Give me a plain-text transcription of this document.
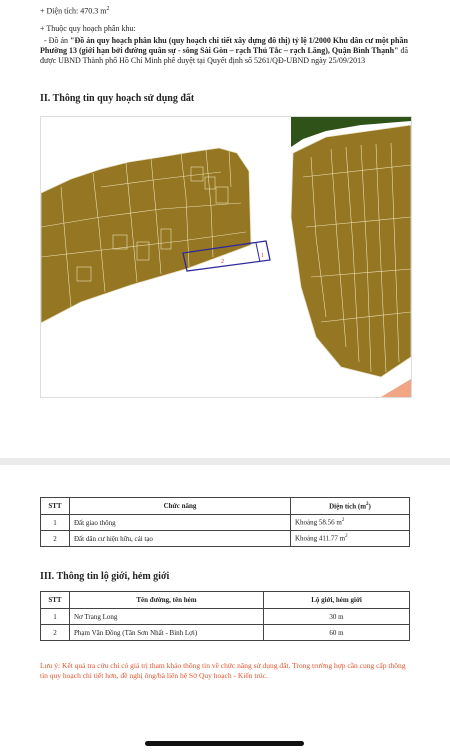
+ Diện tích: 470.3 $m^2$
+ Thuộc quy hoạch phân khu:
- Đồ án "Đồ án quy hoạch phân khu (quy hoạch chi tiết xây dựng đô thị) tỷ lệ 1/2000 Khu dân cư một phần Phường 13 (giới hạn bởi đường quân sự - sông Sài Gòn – rạch Thủ Tắc – rạch Lăng), Quận Bình Thạnh" đã được UBND Thành phố Hồ Chí Minh phê duyệt tại Quyết định số 5261/QĐ-UBND ngày 25/09/2013
II. Thông tin quy hoạch sử dụng đất
2
1
STT	Chức năng	Diện tích $(m^2)$
1	Đất giao thông	Khoảng 58.56 $m^2$
2	Đất dân cư hiện hữu, cải tạo	Khoảng 411.77 $m^2$
III. Thông tin lộ giới, hẻm giới
STT	Tên đường, tên hẻm	Lộ giới, hẻm giới
1	Nơ Trang Long	30 m
2	Phạm Văn Đồng (Tân Sơn Nhất - Bình Lợi)	60 m
Lưu ý: Kết quả tra cứu chỉ có giá trị tham khảo thông tin về chức năng sử dụng đất. Trong trường hợp cần cung cấp thông tin quy hoạch chi tiết hơn, đề nghị ông/bà liên hệ Sở Quy hoạch - Kiến trúc.
